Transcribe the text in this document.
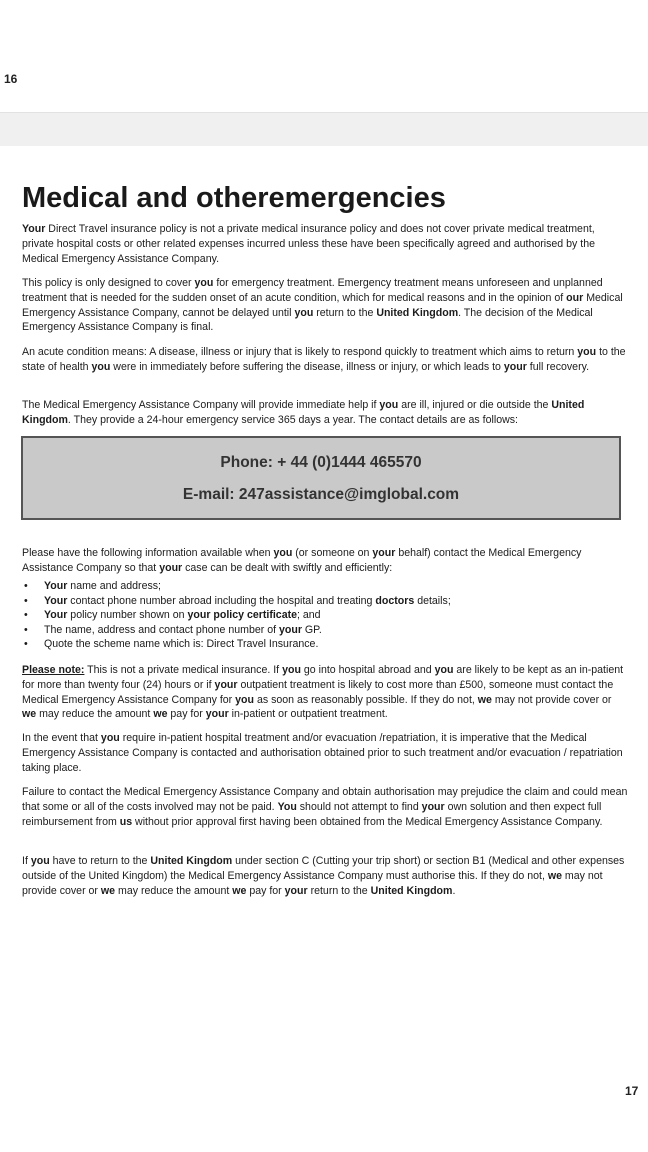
16
Medical and otheremergencies

Your Direct Travel insurance policy is not a private medical insurance policy and does not cover private medical treatment, private hospital costs or other related expenses incurred unless these have been specifically agreed and authorised by the Medical Emergency Assistance Company.

This policy is only designed to cover you for emergency treatment. Emergency treatment means unforeseen and unplanned treatment that is needed for the sudden onset of an acute condition, which for medical reasons and in the opinion of our Medical Emergency Assistance Company, cannot be delayed until you return to the United Kingdom. The decision of the Medical Emergency Assistance Company is final.

An acute condition means: A disease, illness or injury that is likely to respond quickly to treatment which aims to return you to the state of health you were in immediately before suffering the disease, illness or injury, or which leads to your full recovery.

The Medical Emergency Assistance Company will provide immediate help if you are ill, injured or die outside the United Kingdom. They provide a 24-hour emergency service 365 days a year. The contact details are as follows:

Phone: + 44 (0)1444 465570
E-mail: 247assistance@imglobal.com

Please have the following information available when you (or someone on your behalf) contact the Medical Emergency Assistance Company so that your case can be dealt with swiftly and efficiently:

• Your name and address;
• Your contact phone number abroad including the hospital and treating doctors details;
• Your policy number shown on your policy certificate; and
• The name, address and contact phone number of your GP.
• Quote the scheme name which is: Direct Travel Insurance.

Please note: This is not a private medical insurance. If you go into hospital abroad and you are likely to be kept as an in-patient for more than twenty four (24) hours or if your outpatient treatment is likely to cost more than £500, someone must contact the Medical Emergency Assistance Company for you as soon as reasonably possible. If they do not, we may not provide cover or we may reduce the amount we pay for your in-patient or outpatient treatment.

In the event that you require in-patient hospital treatment and/or evacuation /repatriation, it is imperative that the Medical Emergency Assistance Company is contacted and authorisation obtained prior to such treatment and/or evacuation / repatriation taking place.

Failure to contact the Medical Emergency Assistance Company and obtain authorisation may prejudice the claim and could mean that some or all of the costs involved may not be paid. You should not attempt to find your own solution and then expect full reimbursement from us without prior approval first having been obtained from the Medical Emergency Assistance Company.

If you have to return to the United Kingdom under section C (Cutting your trip short) or section B1 (Medical and other expenses outside of the United Kingdom) the Medical Emergency Assistance Company must authorise this. If they do not, we may not provide cover or we may reduce the amount we pay for your return to the United Kingdom.

17
